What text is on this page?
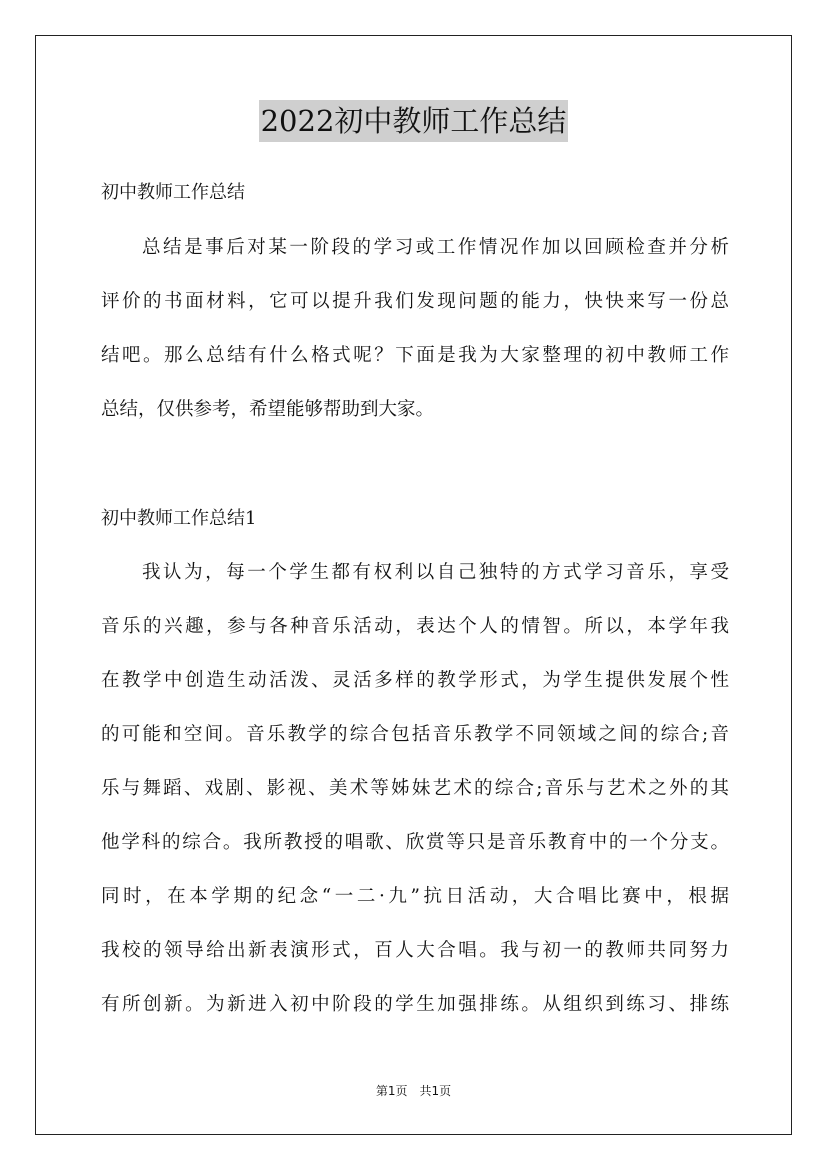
2022初中教师工作总结

初中教师工作总结

总结是事后对某一阶段的学习或工作情况作加以回顾检查并分析
评价的书面材料，它可以提升我们发现问题的能力，快快来写一份总
结吧。那么总结有什么格式呢？下面是我为大家整理的初中教师工作
总结，仅供参考，希望能够帮助到大家。

初中教师工作总结1

我认为，每一个学生都有权利以自己独特的方式学习音乐，享受
音乐的兴趣，参与各种音乐活动，表达个人的情智。所以，本学年我
在教学中创造生动活泼、灵活多样的教学形式，为学生提供发展个性
的可能和空间。音乐教学的综合包括音乐教学不同领域之间的综合;音
乐与舞蹈、戏剧、影视、美术等姊妹艺术的综合;音乐与艺术之外的其
他学科的综合。我所教授的唱歌、欣赏等只是音乐教育中的一个分支。
同时，在本学期的纪念“一二·九”抗日活动，大合唱比赛中，根据
我校的领导给出新表演形式，百人大合唱。我与初一的教师共同努力
有所创新。为新进入初中阶段的学生加强排练。从组织到练习、排练
第1页　共1页
